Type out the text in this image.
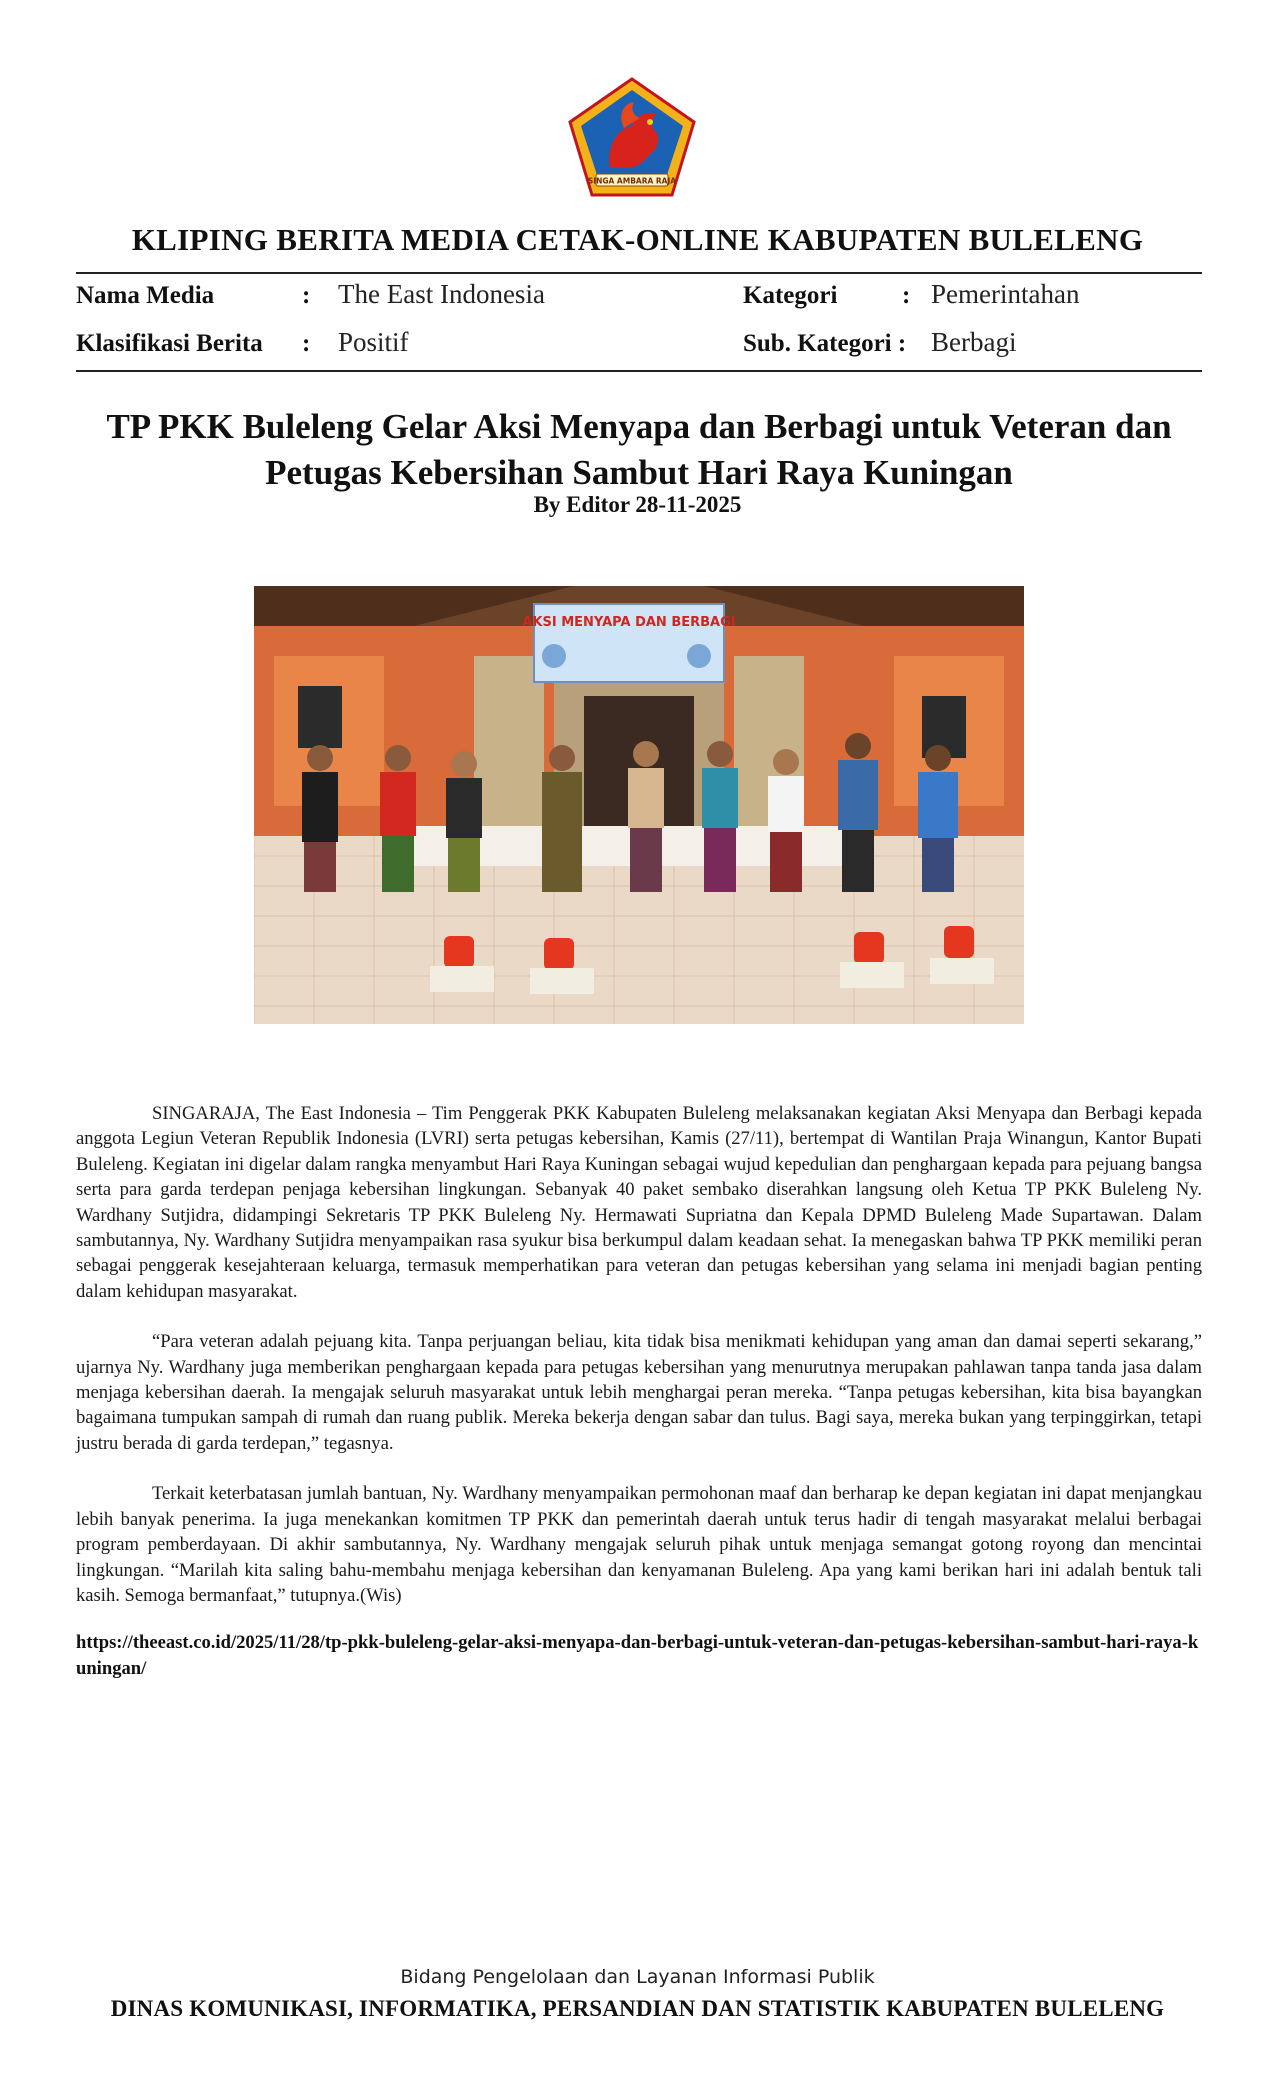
SINGA AMBARA RAJA
KLIPING BERITA MEDIA CETAK-ONLINE KABUPATEN BULELENG
Nama Media	: The East Indonesia	Kategori	: Pemerintahan
Klasifikasi Berita : Positif	Sub. Kategori : Berbagi
TP PKK Buleleng Gelar Aksi Menyapa dan Berbagi untuk Veteran dan Petugas Kebersihan Sambut Hari Raya Kuningan
By Editor 28-11-2025
AKSI MENYAPA DAN BERBAGI

SINGARAJA, The East Indonesia – Tim Penggerak PKK Kabupaten Buleleng melaksanakan kegiatan Aksi Menyapa dan Berbagi kepada anggota Legiun Veteran Republik Indonesia (LVRI) serta petugas kebersihan, Kamis (27/11), bertempat di Wantilan Praja Winangun, Kantor Bupati Buleleng. Kegiatan ini digelar dalam rangka menyambut Hari Raya Kuningan sebagai wujud kepedulian dan penghargaan kepada para pejuang bangsa serta para garda terdepan penjaga kebersihan lingkungan. Sebanyak 40 paket sembako diserahkan langsung oleh Ketua TP PKK Buleleng Ny. Wardhany Sutjidra, didampingi Sekretaris TP PKK Buleleng Ny. Hermawati Supriatna dan Kepala DPMD Buleleng Made Supartawan. Dalam sambutannya, Ny. Wardhany Sutjidra menyampaikan rasa syukur bisa berkumpul dalam keadaan sehat. Ia menegaskan bahwa TP PKK memiliki peran sebagai penggerak kesejahteraan keluarga, termasuk memperhatikan para veteran dan petugas kebersihan yang selama ini menjadi bagian penting dalam kehidupan masyarakat.

“Para veteran adalah pejuang kita. Tanpa perjuangan beliau, kita tidak bisa menikmati kehidupan yang aman dan damai seperti sekarang,” ujarnya Ny. Wardhany juga memberikan penghargaan kepada para petugas kebersihan yang menurutnya merupakan pahlawan tanpa tanda jasa dalam menjaga kebersihan daerah. Ia mengajak seluruh masyarakat untuk lebih menghargai peran mereka. “Tanpa petugas kebersihan, kita bisa bayangkan bagaimana tumpukan sampah di rumah dan ruang publik. Mereka bekerja dengan sabar dan tulus. Bagi saya, mereka bukan yang terpinggirkan, tetapi justru berada di garda terdepan,” tegasnya.

Terkait keterbatasan jumlah bantuan, Ny. Wardhany menyampaikan permohonan maaf dan berharap ke depan kegiatan ini dapat menjangkau lebih banyak penerima. Ia juga menekankan komitmen TP PKK dan pemerintah daerah untuk terus hadir di tengah masyarakat melalui berbagai program pemberdayaan. Di akhir sambutannya, Ny. Wardhany mengajak seluruh pihak untuk menjaga semangat gotong royong dan mencintai lingkungan. “Marilah kita saling bahu-membahu menjaga kebersihan dan kenyamanan Buleleng. Apa yang kami berikan hari ini adalah bentuk tali kasih. Semoga bermanfaat,” tutupnya.(Wis)

https://theeast.co.id/2025/11/28/tp-pkk-buleleng-gelar-aksi-menyapa-dan-berbagi-untuk-veteran-dan-petugas-kebersihan-sambut-hari-raya-kuningan/
Bidang Pengelolaan dan Layanan Informasi Publik
DINAS KOMUNIKASI, INFORMATIKA, PERSANDIAN DAN STATISTIK KABUPATEN BULELENG
